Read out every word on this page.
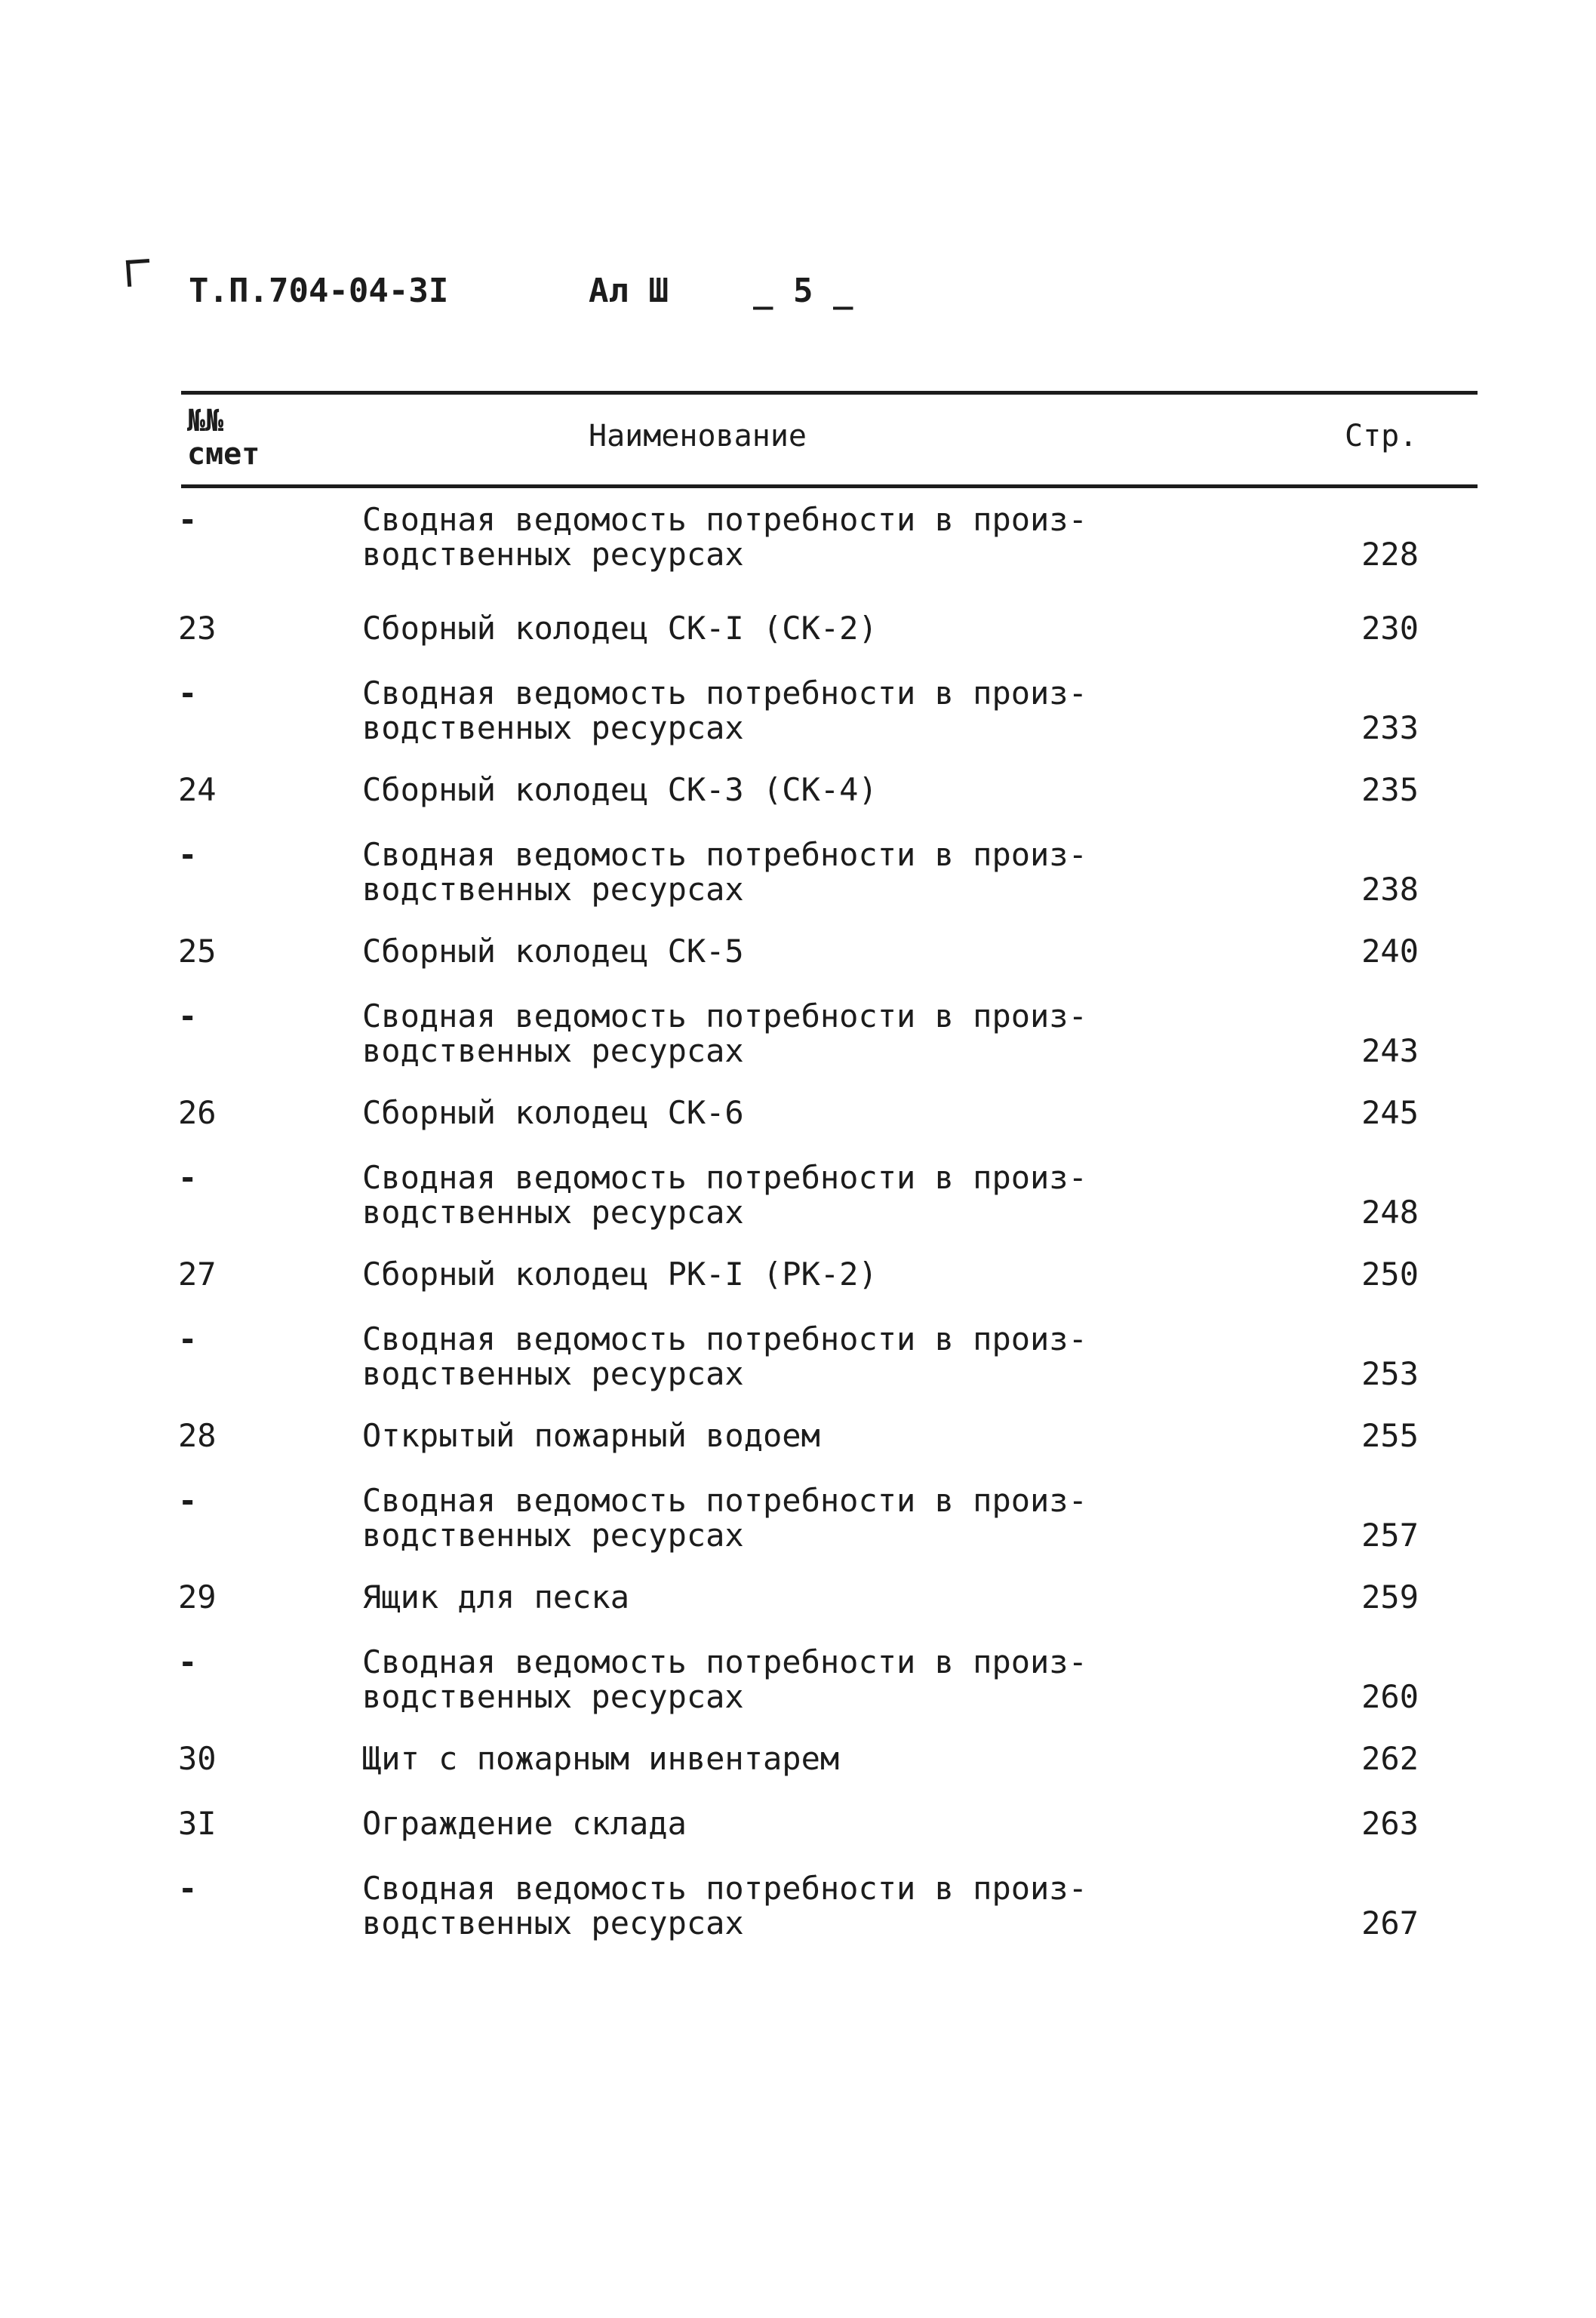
Т.П.704-04-3I	Ал Ш	_ 5 _
№№
смет
Наименование	Стр.
-	Сводная ведомость потребности в произ-
водственных ресурсах	228
23	Сборный колодец СК-I (СК-2)	230
-	Сводная ведомость потребности в произ-
водственных ресурсах	233
24	Сборный колодец СК-3 (СК-4)	235
-	Сводная ведомость потребности в произ-
водственных ресурсах	238
25	Сборный колодец СК-5	240
-	Сводная ведомость потребности в произ-
водственных ресурсах	243
26	Сборный колодец СК-6	245
-	Сводная ведомость потребности в произ-
водственных ресурсах	248
27	Сборный колодец РК-I (РК-2)	250
-	Сводная ведомость потребности в произ-
водственных ресурсах	253
28	Открытый пожарный водоем	255
-	Сводная ведомость потребности в произ-
водственных ресурсах	257
29	Ящик для песка	259
-	Сводная ведомость потребности в произ-
водственных ресурсах	260
30	Щит с пожарным инвентарем	262
3I	Ограждение склада	263
-	Сводная ведомость потребности в произ-
водственных ресурсах	267
